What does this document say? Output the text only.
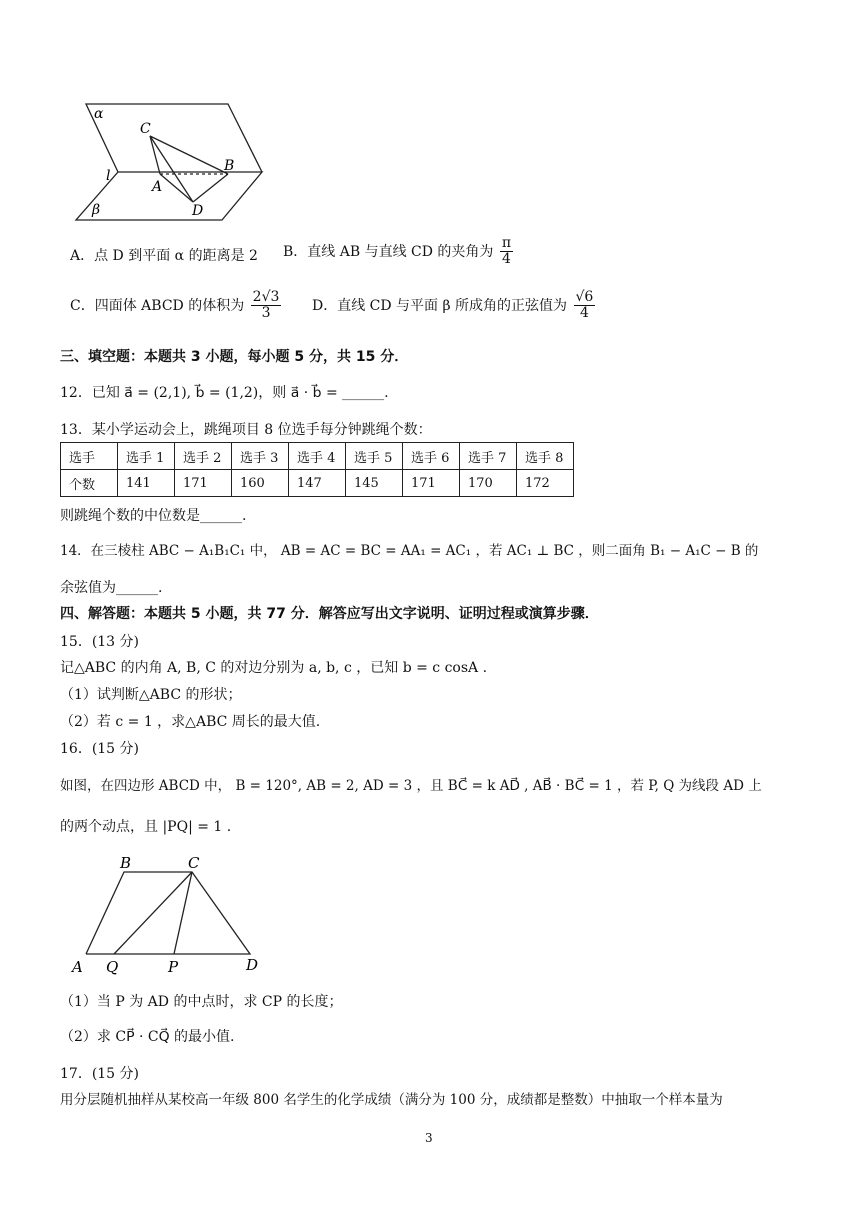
α
β
l
C
A
B
D
A．点 D 到平面 α 的距离是 2 B．直线 AB 与直线 CD 的夹角为 $\frac{\pi}{4}$
C．四面体 ABCD 的体积为 $\frac{2√3}{3}$ D．直线 CD 与平面 β 所成角的正弦值为 $\frac{√6}{4}$
三、填空题：本题共 3 小题，每小题 5 分，共 15 分．
12．已知 a⃗ = (2,1), b⃗ = (1,2)，则 a⃗ · b⃗ = ______.
13．某小学运动会上，跳绳项目 8 位选手每分钟跳绳个数：
选手	选手 1	选手 2	选手 3	选手 4	选手 5	选手 6	选手 7	选手 8
个数	141	171	160	147	145	171	170	172
则跳绳个数的中位数是______.
14．在三棱柱 ABC − A₁B₁C₁ 中， AB = AC = BC = AA₁ = AC₁ ，若 AC₁ ⊥ BC ，则二面角 B₁ − A₁C − B 的
余弦值为______.
四、解答题：本题共 5 小题，共 77 分．解答应写出文字说明、证明过程或演算步骤．
15．(13 分)
记△ABC 的内角 A, B, C 的对边分别为 a, b, c ，已知 b = c cosA .
（1）试判断△ABC 的形状；
（2）若 c = 1 ，求△ABC 周长的最大值.
16．(15 分)
如图，在四边形 ABCD 中， B = 120°, AB = 2, AD = 3 ，且 BC⃗ = k AD⃗ , AB⃗ · BC⃗ = 1 ，若 P, Q 为线段 AD 上
的两个动点，且 |PQ| = 1 .
B	C
A Q	P	D
（1）当 P 为 AD 的中点时，求 CP 的长度；
（2）求 CP⃗ · CQ⃗ 的最小值.
17．(15 分)
用分层随机抽样从某校高一年级 800 名学生的化学成绩（满分为 100 分，成绩都是整数）中抽取一个样本量为
3
